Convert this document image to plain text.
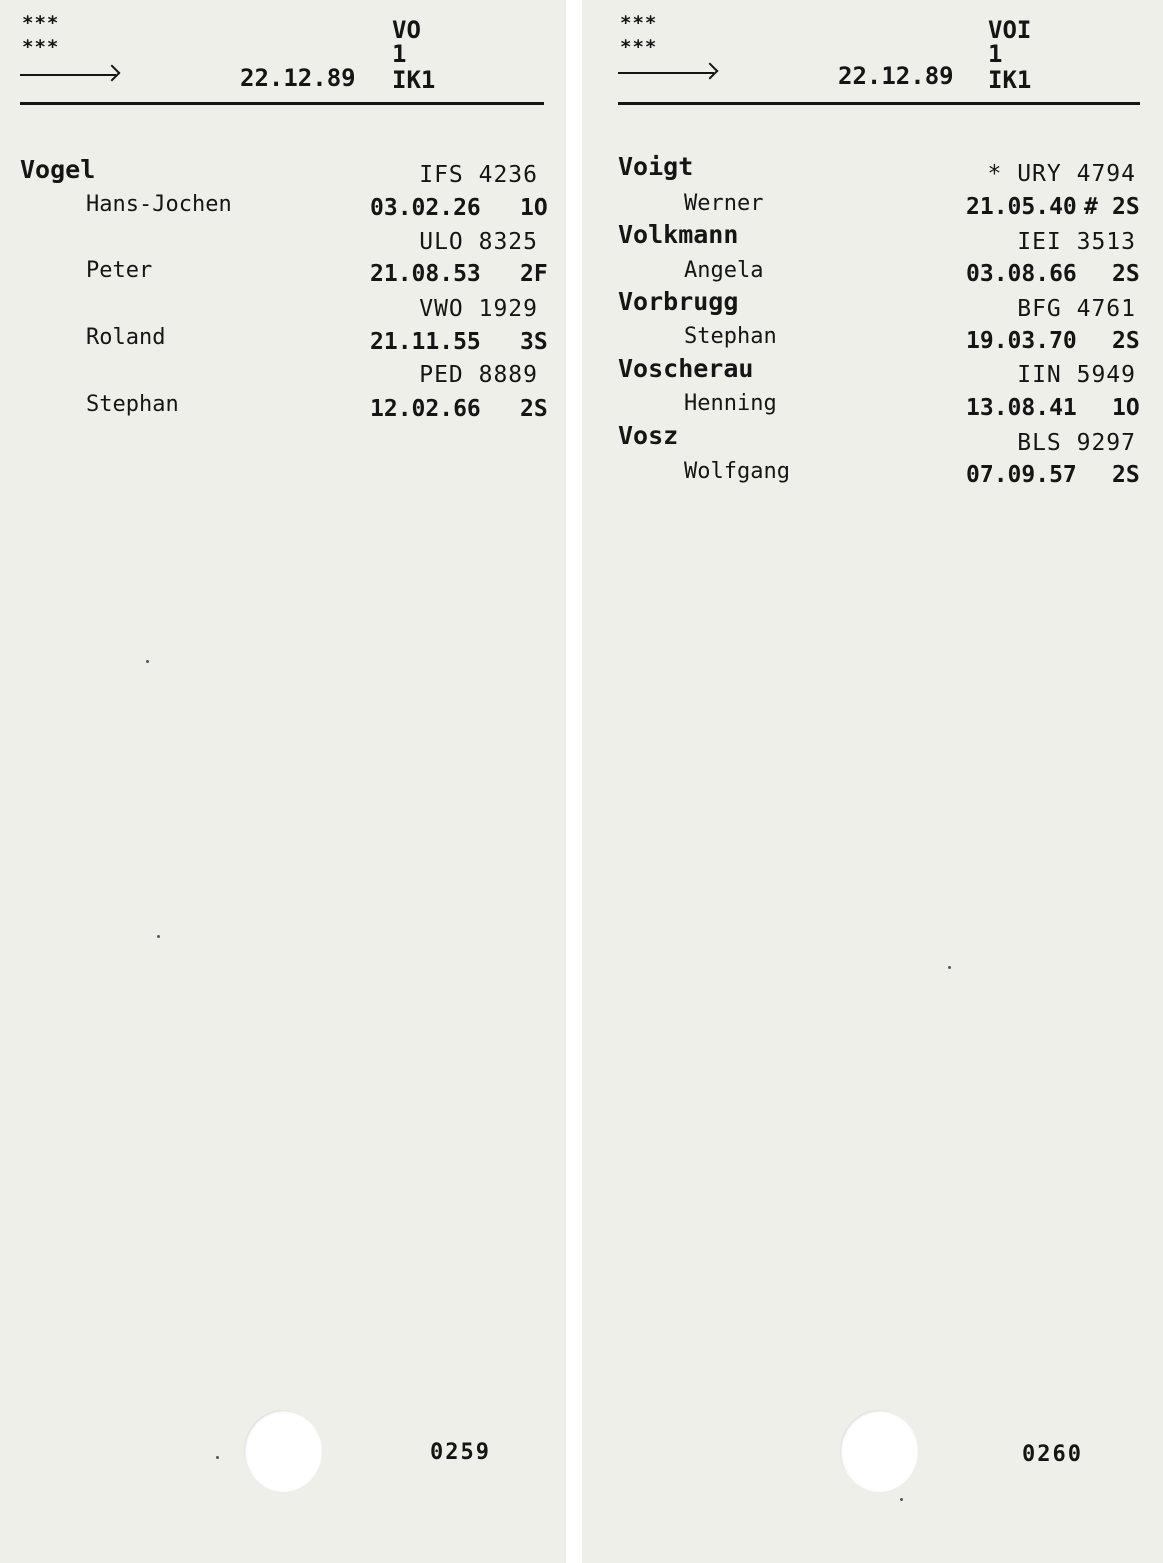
***
***
VO
1
IK1
22.12.89
Vogel	IFS 4236
Hans-Jochen	03.02.26 1O
ULO 8325
Peter	21.08.53 2F
VWO 1929
Roland	21.11.55 3S
PED 8889
Stephan	12.02.66 2S
0259
***
***
VOI
1
IK1
22.12.89
Voigt	* URY 4794
Werner	21.05.40 # 2S
Volkmann	IEI 3513
Angela	03.08.66 2S
Vorbrugg	BFG 4761
Stephan	19.03.70 2S
Voscherau	IIN 5949
Henning	13.08.41 1O
Vosz	BLS 9297
Wolfgang	07.09.57 2S
0260
